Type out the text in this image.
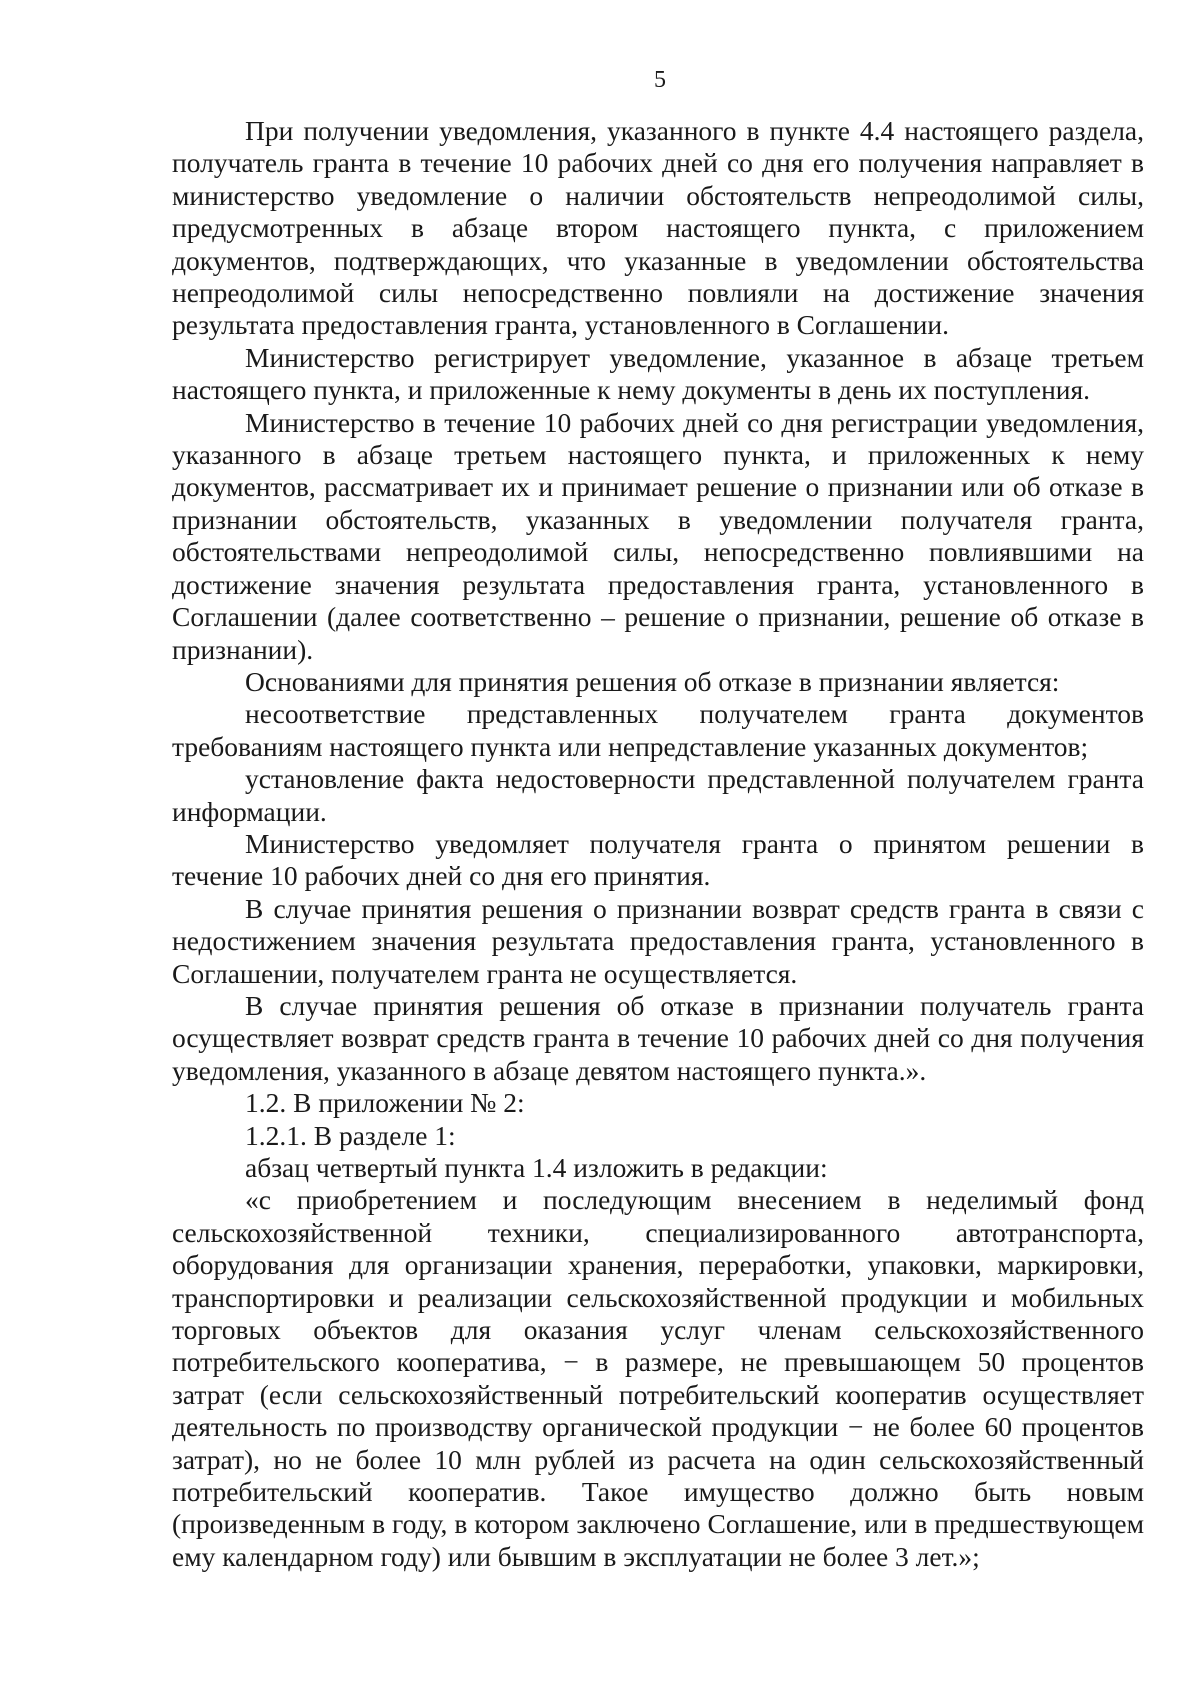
5

При получении уведомления, указанного в пункте 4.4 настоящего раздела, получатель гранта в течение 10 рабочих дней со дня его получения направляет в министерство уведомление о наличии обстоятельств непреодолимой силы, предусмотренных в абзаце втором настоящего пункта, с приложением документов, подтверждающих, что указанные в уведомлении обстоятельства непреодолимой силы непосредственно повлияли на достижение значения результата предоставления гранта, установленного в Соглашении.

Министерство регистрирует уведомление, указанное в абзаце третьем настоящего пункта, и приложенные к нему документы в день их поступления.

Министерство в течение 10 рабочих дней со дня регистрации уведомления, указанного в абзаце третьем настоящего пункта, и приложенных к нему документов, рассматривает их и принимает решение о признании или об отказе в признании обстоятельств, указанных в уведомлении получателя гранта, обстоятельствами непреодолимой силы, непосредственно повлиявшими на достижение значения результата предоставления гранта, установленного в Соглашении (далее соответственно – решение о признании, решение об отказе в признании).

Основаниями для принятия решения об отказе в признании является:

несоответствие представленных получателем гранта документов требованиям настоящего пункта или непредставление указанных документов;

установление факта недостоверности представленной получателем гранта информации.

Министерство уведомляет получателя гранта о принятом решении в течение 10 рабочих дней со дня его принятия.

В случае принятия решения о признании возврат средств гранта в связи с недостижением значения результата предоставления гранта, установленного в Соглашении, получателем гранта не осуществляется.

В случае принятия решения об отказе в признании получатель гранта осуществляет возврат средств гранта в течение 10 рабочих дней со дня получения уведомления, указанного в абзаце девятом настоящего пункта.».

1.2. В приложении № 2:

1.2.1. В разделе 1:

абзац четвертый пункта 1.4 изложить в редакции:

«с приобретением и последующим внесением в неделимый фонд сельскохозяйственной техники, специализированного автотранспорта, оборудования для организации хранения, переработки, упаковки, маркировки, транспортировки и реализации сельскохозяйственной продукции и мобильных торговых объектов для оказания услуг членам сельскохозяйственного потребительского кооператива, − в размере, не превышающем 50 процентов затрат (если сельскохозяйственный потребительский кооператив осуществляет деятельность по производству органической продукции − не более 60 процентов затрат), но не более 10 млн рублей из расчета на один сельскохозяйственный потребительский кооператив. Такое имущество должно быть новым (произведенным в году, в котором заключено Соглашение, или в предшествующем ему календарном году) или бывшим в эксплуатации не более 3 лет.»;
